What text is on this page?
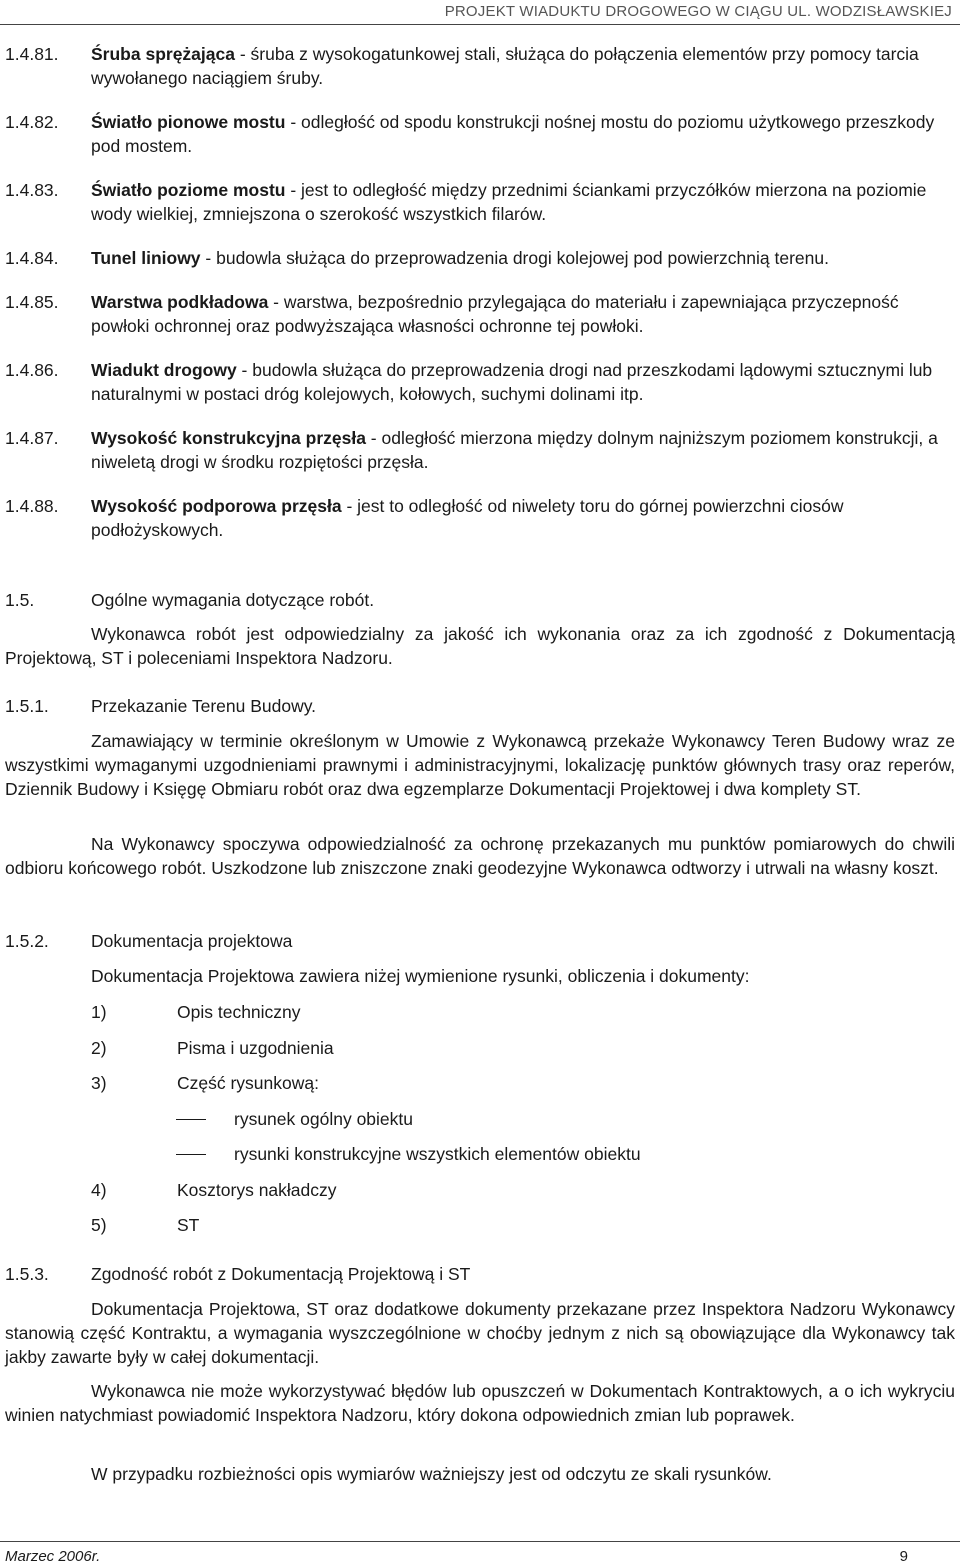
PROJEKT WIADUKTU DROGOWEGO W CIĄGU UL. WODZISŁAWSKIEJ
1.4.81.	Śruba sprężająca - śruba z wysokogatunkowej stali, służąca do połączenia elementów przy pomocy tarcia wywołanego naciągiem śruby.
1.4.82.	Światło pionowe mostu - odległość od spodu konstrukcji nośnej mostu do poziomu użytkowego przeszkody pod mostem.
1.4.83.	Światło poziome mostu - jest to odległość między przednimi ściankami przyczółków mierzona na poziomie wody wielkiej, zmniejszona o szerokość wszystkich filarów.
1.4.84.	Tunel liniowy - budowla służąca do przeprowadzenia drogi kolejowej pod powierzchnią terenu.
1.4.85.	Warstwa podkładowa - warstwa, bezpośrednio przylegająca do materiału i zapewniająca przyczepność powłoki ochronnej oraz podwyższająca własności ochronne tej powłoki.
1.4.86.	Wiadukt drogowy - budowla służąca do przeprowadzenia drogi nad przeszkodami lądowymi sztucznymi lub naturalnymi w postaci dróg kolejowych, kołowych, suchymi dolinami itp.
1.4.87.	Wysokość konstrukcyjna przęsła - odległość mierzona między dolnym najniższym poziomem konstrukcji, a niweletą drogi w środku rozpiętości przęsła.
1.4.88.	Wysokość podporowa przęsła - jest to odległość od niwelety toru do górnej powierzchni ciosów podłożyskowych.
1.5.	Ogólne wymagania dotyczące robót.
Wykonawca robót jest odpowiedzialny za jakość ich wykonania oraz za ich zgodność z Dokumentacją Projektową, ST i poleceniami Inspektora Nadzoru.
1.5.1.	Przekazanie Terenu Budowy.
Zamawiający w terminie określonym w Umowie z Wykonawcą przekaże Wykonawcy Teren Budowy wraz ze wszystkimi wymaganymi uzgodnieniami prawnymi i administracyjnymi, lokalizację punktów głównych trasy oraz reperów, Dziennik Budowy i Księgę Obmiaru robót oraz dwa egzemplarze Dokumentacji Projektowej i dwa komplety ST.
Na Wykonawcy spoczywa odpowiedzialność za ochronę przekazanych mu punktów pomiarowych do chwili odbioru końcowego robót. Uszkodzone lub zniszczone znaki geodezyjne Wykonawca odtworzy i utrwali na własny koszt.
1.5.2.	Dokumentacja projektowa
Dokumentacja Projektowa zawiera niżej wymienione rysunki, obliczenia i dokumenty:
1)	Opis techniczny
2)	Pisma i uzgodnienia
3)	Część rysunkową:
rysunek ogólny obiektu
rysunki konstrukcyjne wszystkich elementów obiektu
4)	Kosztorys nakładczy
5)	ST
1.5.3.	Zgodność robót z Dokumentacją Projektową i ST
Dokumentacja Projektowa, ST oraz dodatkowe dokumenty przekazane przez Inspektora Nadzoru Wykonawcy stanowią część Kontraktu, a wymagania wyszczególnione w choćby jednym z nich są obowiązujące dla Wykonawcy tak jakby zawarte były w całej dokumentacji.
Wykonawca nie może wykorzystywać błędów lub opuszczeń w Dokumentach Kontraktowych, a o ich wykryciu winien natychmiast powiadomić Inspektora Nadzoru, który dokona odpowiednich zmian lub poprawek.
W przypadku rozbieżności opis wymiarów ważniejszy jest od odczytu ze skali rysunków.
Marzec 2006r.	9
